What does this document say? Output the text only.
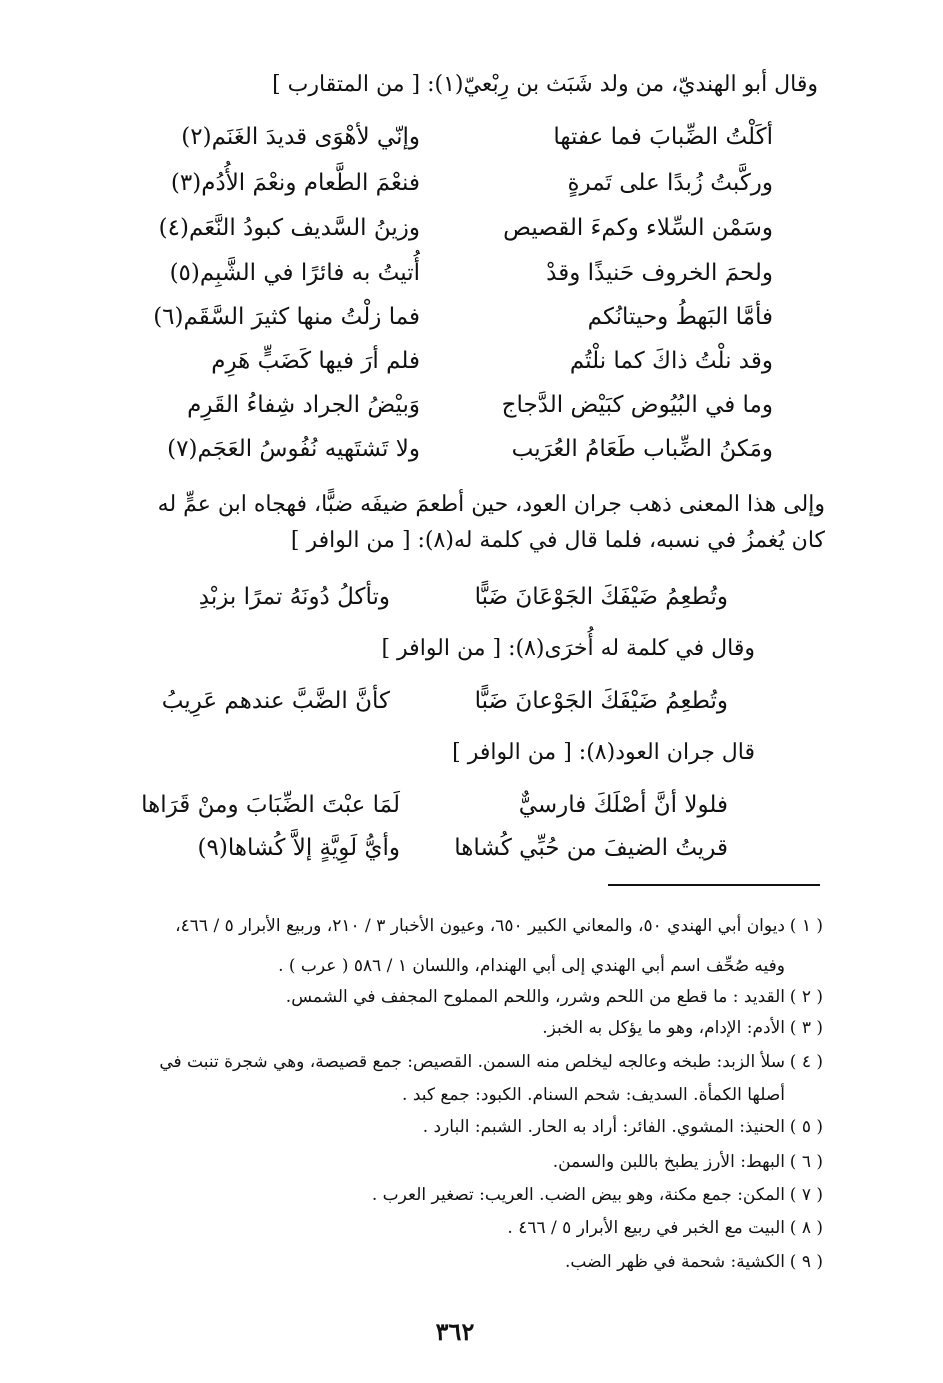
وقال أبو الهنديّ، من ولد شَبَث بن رِبْعيّ(١): [ من المتقارب ]
أكَلْتُ الضِّبابَ فما عفتها
وإنّي لأهْوَى قديدَ الغَنَم(٢)
وركَّبتُ زُبدًا على تَمرةٍ
فنعْمَ الطَّعام ونعْمَ الأُدُم(٣)
وسَمْن السِّلاء وكمءَ القصيص
وزينُ السَّديف كبودُ النَّعَم(٤)
ولحمَ الخروف حَنيذًا وقدْ
أُتيتُ به فائرًا في الشَّبِم(٥)
فأمَّا البَهطُ وحيتانُكم
فما زلْتُ منها كثيرَ السَّقَم(٦)
وقد نلْتُ ذاكَ كما نلْتُم
فلم أرَ فيها كَضَبٍّ هَرِم
وما في البُيُوض كبَيْض الدَّجاج
وَبيْضُ الجراد شِفاءُ القَرِم
ومَكنُ الضِّباب طَعَامُ العُرَيب
ولا تَشتَهيه نُفُوسُ العَجَم(٧)
وإلى هذا المعنى ذهب جران العود، حين أطعمَ ضيفَه ضبًّا، فهجاه ابن عمٍّ له
كان يُغمزُ في نسبه، فلما قال في كلمة له(٨): [ من الوافر ]
وتُطعِمُ ضَيْفَكَ الجَوْعَانَ ضَبًّا
وتأكلُ دُونَهُ تمرًا بزبْدِ
وقال في كلمة له أُخرَى(٨): [ من الوافر ]
وتُطعِمُ ضَيْفَكَ الجَوْعانَ ضَبًّا
كأنَّ الضَّبَّ عندهم عَرِيبُ
قال جران العود(٨): [ من الوافر ]
فلولا أنَّ أصْلَكَ فارسيٌّ
لَمَا عبْتَ الضِّبَابَ ومنْ قَرَاها
قريتُ الضيفَ من حُبِّي كُشاها
وأيُّ لَوِيَّةٍ إلاَّ كُشاها(٩)
( ١ )ديوان أبي الهندي ٥٠، والمعاني الكبير ٦٥٠، وعيون الأخبار ٣ / ٢١٠، وربيع الأبرار ٥ / ٤٦٦،
وفيه صُحِّف اسم أبي الهندي إلى أبي الهندام، واللسان ١ / ٥٨٦ ( عرب ) .
( ٢ )القديد : ما قطع من اللحم وشرر، واللحم المملوح المجفف في الشمس.
( ٣ )الأدم: الإدام، وهو ما يؤكل به الخبز.
( ٤ )سلأ الزبد: طبخه وعالجه ليخلص منه السمن. القصيص: جمع قصيصة، وهي شجرة تنبت في
أصلها الكمأة. السديف: شحم السنام. الكبود: جمع كبد .
( ٥ )الحنيذ: المشوي. الفائر: أراد به الحار. الشبم: البارد .
( ٦ )البهط: الأرز يطبخ باللبن والسمن.
( ٧ )المكن: جمع مكنة، وهو بيض الضب. العريب: تصغير العرب .
( ٨ )البيت مع الخبر في ربيع الأبرار ٥ / ٤٦٦ .
( ٩ )الكشية: شحمة في ظهر الضب.
٣٦٢
